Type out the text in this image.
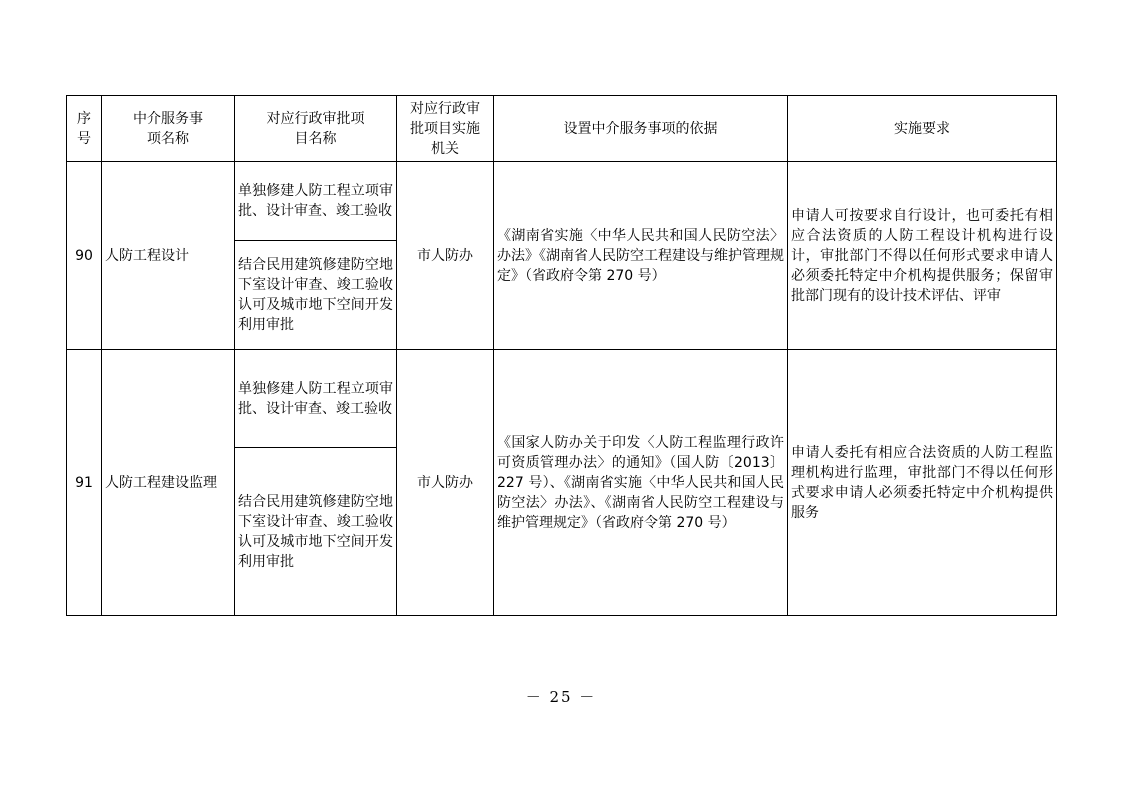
序号	中介服务事项名称	对应行政审批项目名称	对应行政审批项目实施机关	设置中介服务事项的依据	实施要求

90	人防工程设计	单独修建人防工程立项审批、设计审查、竣工验收	市人防办	《湖南省实施〈中华人民共和国人民防空法〉办法》《湖南省人民防空工程建设与维护管理规定》（省政府令第 270 号）	申请人可按要求自行设计，也可委托有相应合法资质的人防工程设计机构进行设计，审批部门不得以任何形式要求申请人必须委托特定中介机构提供服务；保留审批部门现有的设计技术评估、评审
		结合民用建筑修建防空地下室设计审查、竣工验收认可及城市地下空间开发利用审批			
91	人防工程建设监理	单独修建人防工程立项审批、设计审查、竣工验收	市人防办	《国家人防办关于印发〈人防工程监理行政许可资质管理办法〉的通知》（国人防〔2013〕227 号）、《湖南省实施〈中华人民共和国人民防空法〉办法》、《湖南省人民防空工程建设与维护管理规定》（省政府令第 270 号）	申请人委托有相应合法资质的人防工程监理机构进行监理，审批部门不得以任何形式要求申请人必须委托特定中介机构提供服务
		结合民用建筑修建防空地下室设计审查、竣工验收认可及城市地下空间开发利用审批			
－ 25 －
